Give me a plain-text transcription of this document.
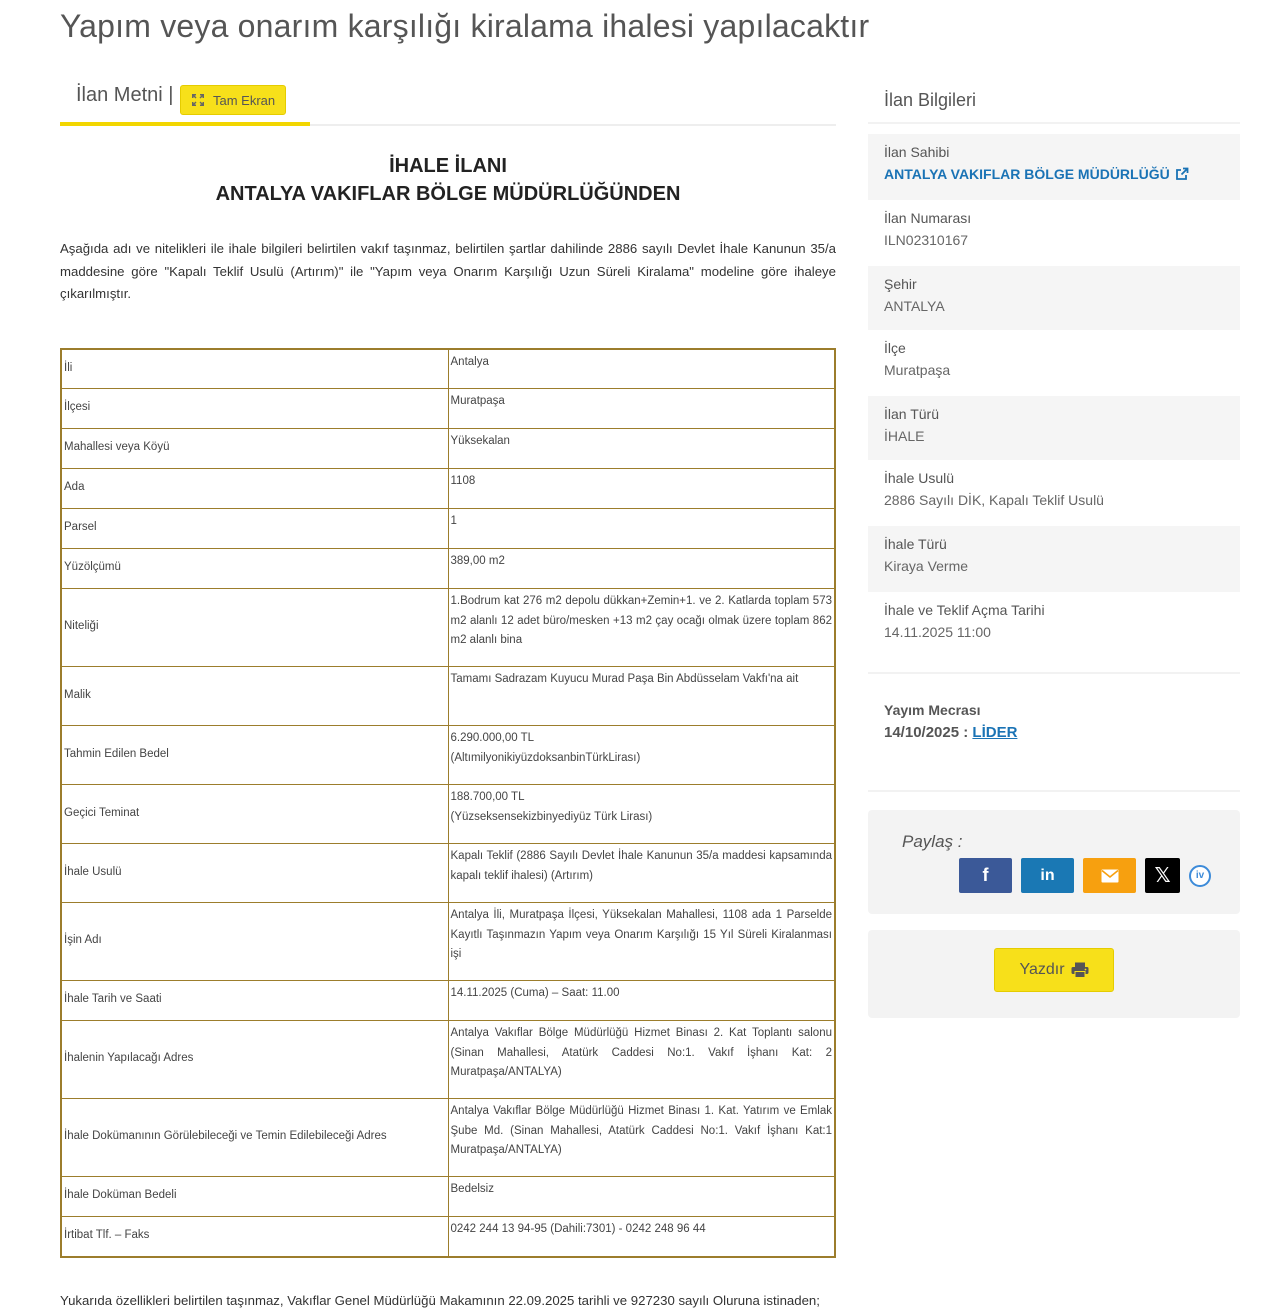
Yapım veya onarım karşılığı kiralama ihalesi yapılacaktır
İlan Metni |	Tam Ekran
İHALE İLANI
ANTALYA VAKIFLAR BÖLGE MÜDÜRLÜĞÜNDEN

Aşağıda adı ve nitelikleri ile ihale bilgileri belirtilen vakıf taşınmaz, belirtilen şartlar dahilinde 2886 sayılı Devlet İhale Kanunun 35/a maddesine göre "Kapalı Teklif Usulü (Artırım)" ile "Yapım veya Onarım Karşılığı Uzun Süreli Kiralama" modeline göre ihaleye çıkarılmıştır.

İli	Antalya
İlçesi	Muratpaşa
Mahallesi veya Köyü	Yüksekalan
Ada	1108
Parsel	1
Yüzölçümü	389,00 m2
Niteliği	1.Bodrum kat 276 m2 depolu dükkan+Zemin+1. ve 2. Katlarda toplam 573 m2 alanlı 12 adet büro/mesken +13 m2 çay ocağı olmak üzere toplam 862 m2 alanlı bina
Malik	Tamamı Sadrazam Kuyucu Murad Paşa Bin Abdüsselam Vakfı'na ait
Tahmin Edilen Bedel	6.290.000,00 TL
(AltımilyonikiyüzdoksanbinTürkLirası)

Geçici Teminat	188.700,00 TL
(Yüzseksensekizbinyediyüz Türk Lirası)

İhale Usulü	Kapalı Teklif (2886 Sayılı Devlet İhale Kanunun 35/a maddesi kapsamında kapalı teklif ihalesi) (Artırım)
İşin Adı	Antalya İli, Muratpaşa İlçesi, Yüksekalan Mahallesi, 1108 ada 1 Parselde Kayıtlı Taşınmazın Yapım veya Onarım Karşılığı 15 Yıl Süreli Kiralanması işi
İhale Tarih ve Saati	14.11.2025 (Cuma) – Saat: 11.00
İhalenin Yapılacağı Adres	Antalya Vakıflar Bölge Müdürlüğü Hizmet Binası 2. Kat Toplantı salonu (Sinan Mahallesi, Atatürk Caddesi No:1. Vakıf İşhanı Kat: 2 Muratpaşa/ANTALYA)
İhale Dokümanının Görülebileceği ve Temin Edilebileceği Adres	Antalya Vakıflar Bölge Müdürlüğü Hizmet Binası 1. Kat. Yatırım ve Emlak Şube Md. (Sinan Mahallesi, Atatürk Caddesi No:1. Vakıf İşhanı Kat:1 Muratpaşa/ANTALYA)
İhale Doküman Bedeli	Bedelsiz
İrtibat Tlf. – Faks	0242 244 13 94-95 (Dahili:7301) - 0242 248 96 44

Yukarıda özellikleri belirtilen taşınmaz, Vakıflar Genel Müdürlüğü Makamının 22.09.2025 tarihli ve 927230 sayılı Oluruna istinaden;

İlan Bilgileri
İlan Sahibi
ANTALYA VAKIFLAR BÖLGE MÜDÜRLÜĞÜ
İlan Numarası
ILN02310167
Şehir
ANTALYA
İlçe
Muratpaşa
İlan Türü
İHALE
İhale Usulü
2886 Sayılı DİK, Kapalı Teklif Usulü
İhale Türü
Kiraya Verme
İhale ve Teklif Açma Tarihi
14.11.2025 11:00
Yayım Mecrası
14/10/2025 : LİDER
Paylaş :
f	in	𝕏	iv
Yazdır
